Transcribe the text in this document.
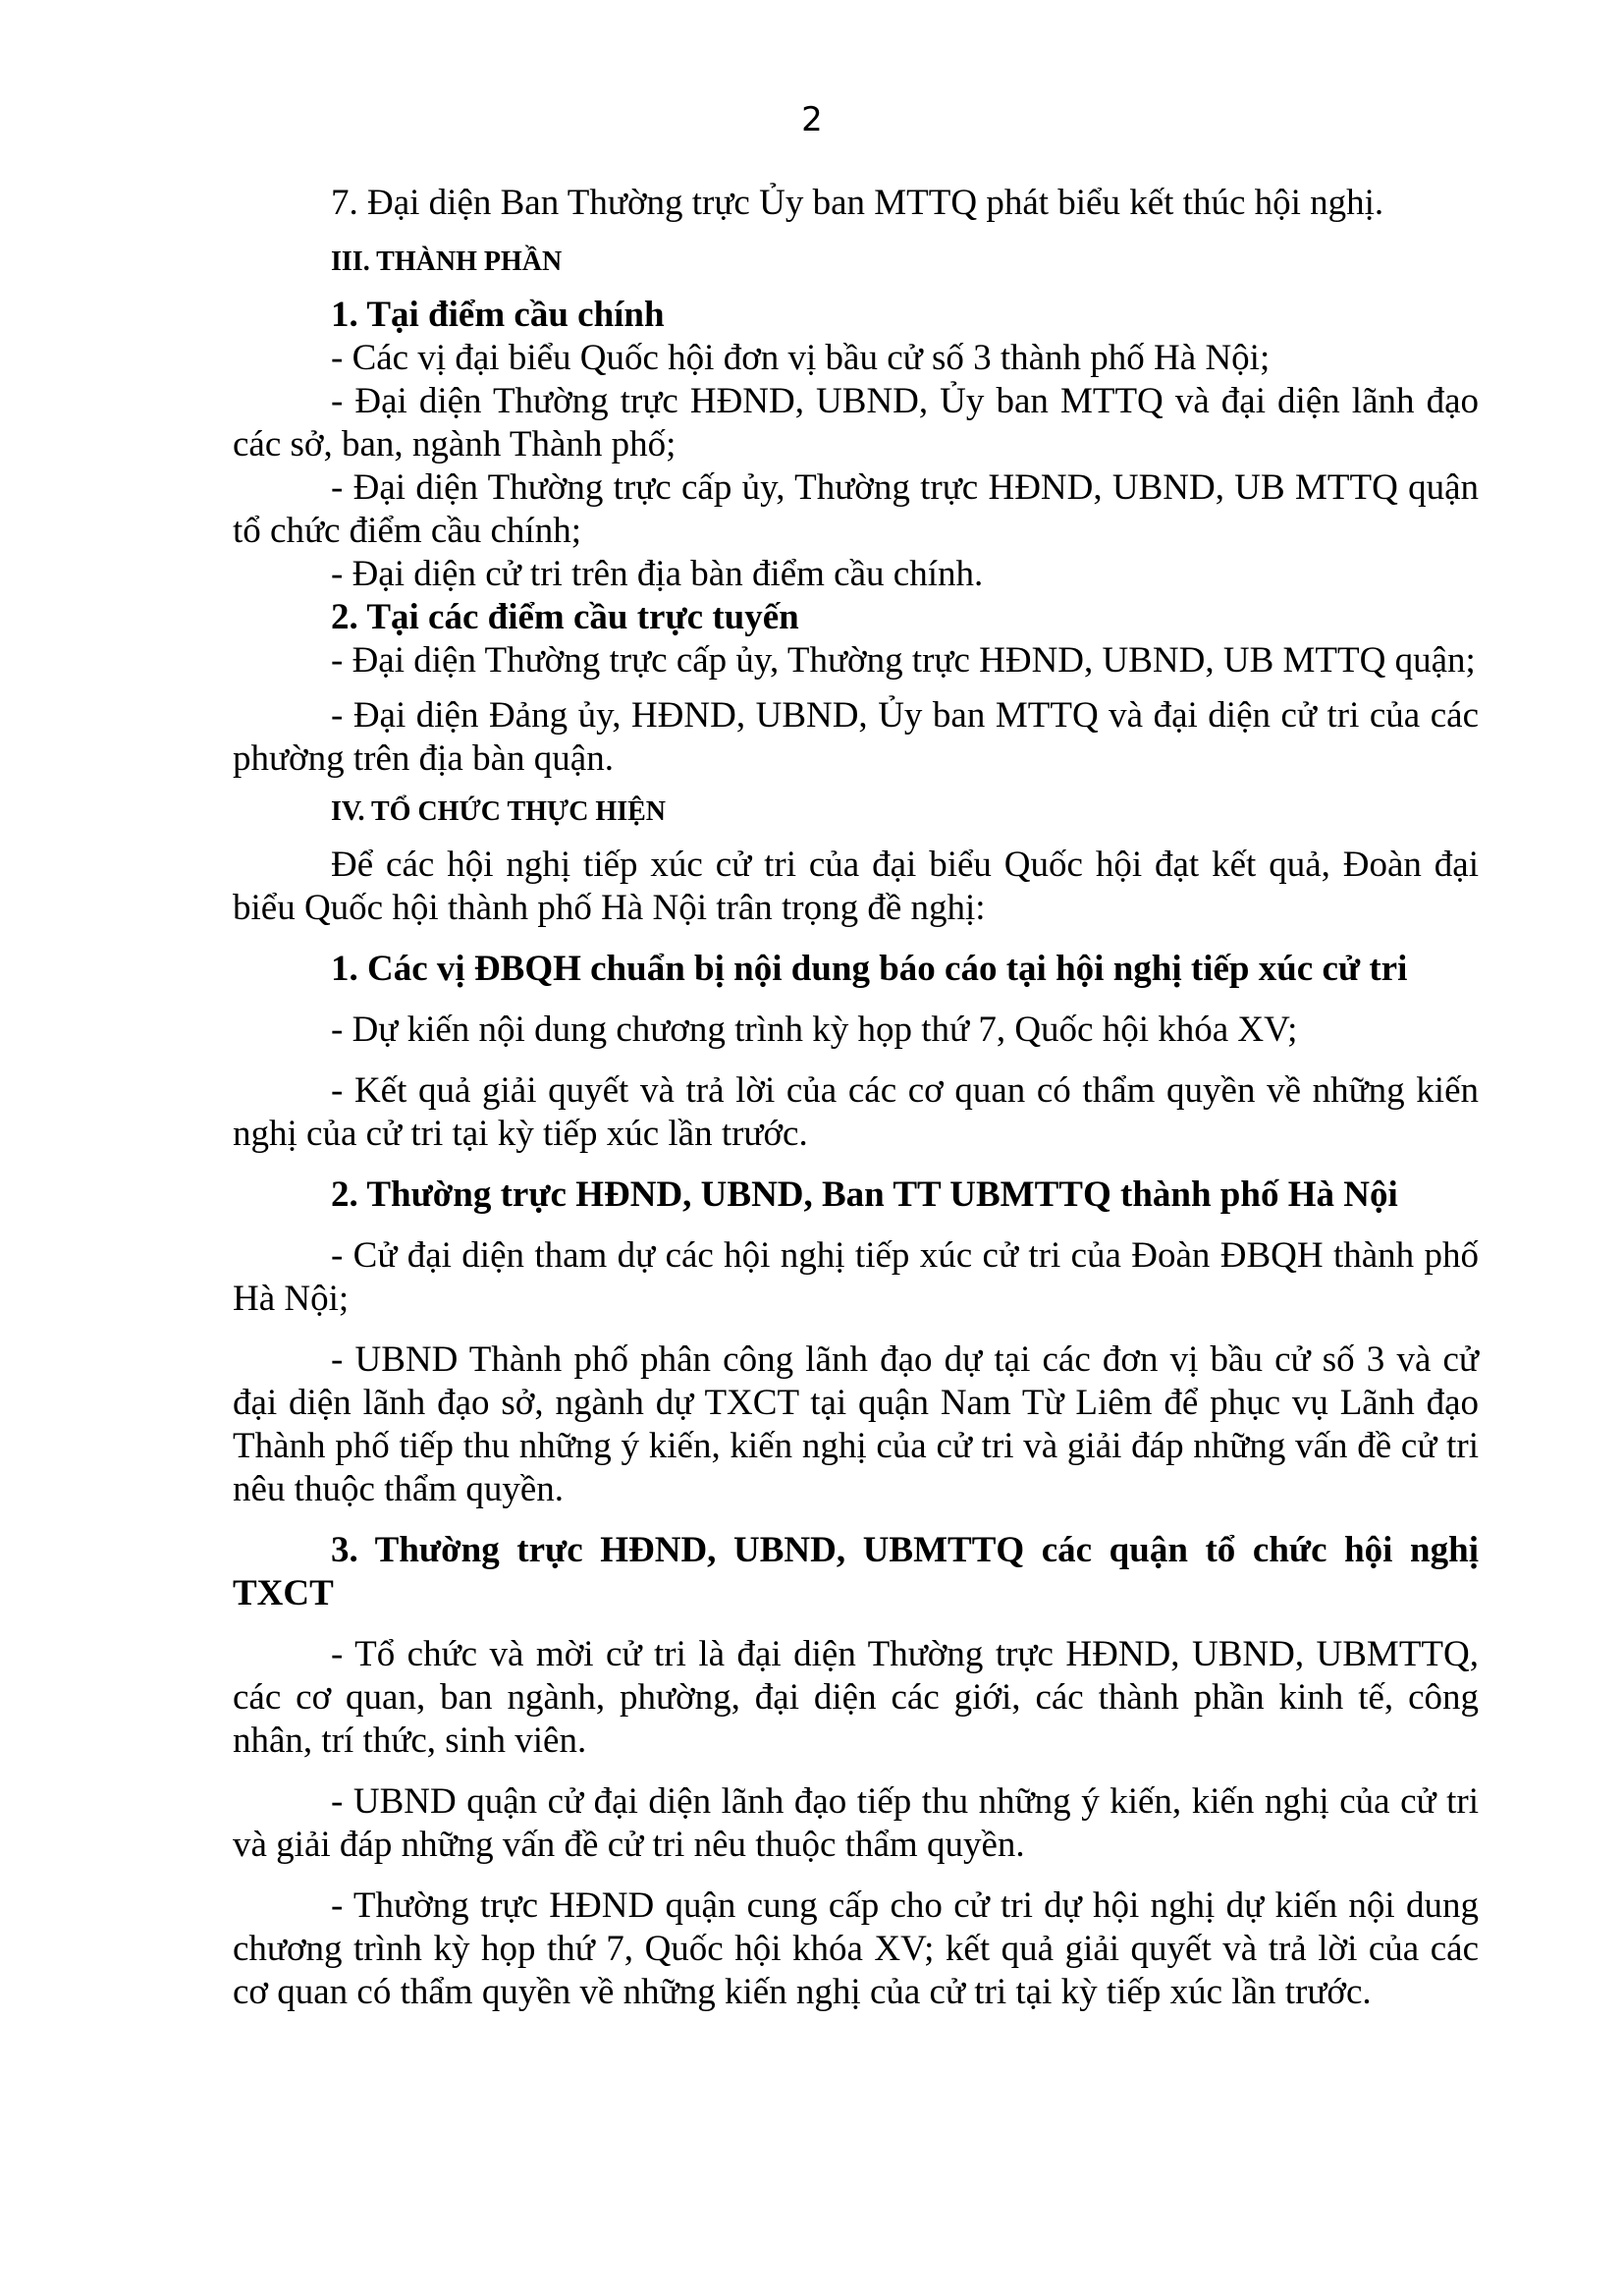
2

7. Đại diện Ban Thường trực Ủy ban MTTQ phát biểu kết thúc hội nghị.

III. THÀNH PHẦN

1. Tại điểm cầu chính

- Các vị đại biểu Quốc hội đơn vị bầu cử số 3 thành phố Hà Nội;

- Đại diện Thường trực HĐND, UBND, Ủy ban MTTQ và đại diện lãnh đạo các sở, ban, ngành Thành phố;

- Đại diện Thường trực cấp ủy, Thường trực HĐND, UBND, UB MTTQ quận tổ chức điểm cầu chính;

- Đại diện cử tri trên địa bàn điểm cầu chính.

2. Tại các điểm cầu trực tuyến

- Đại diện Thường trực cấp ủy, Thường trực HĐND, UBND, UB MTTQ quận;

- Đại diện Đảng ủy, HĐND, UBND, Ủy ban MTTQ và đại diện cử tri của các phường trên địa bàn quận.

IV. TỔ CHỨC THỰC HIỆN

Để các hội nghị tiếp xúc cử tri của đại biểu Quốc hội đạt kết quả, Đoàn đại biểu Quốc hội thành phố Hà Nội trân trọng đề nghị:

1. Các vị ĐBQH chuẩn bị nội dung báo cáo tại hội nghị tiếp xúc cử tri

- Dự kiến nội dung chương trình kỳ họp thứ 7, Quốc hội khóa XV;

- Kết quả giải quyết và trả lời của các cơ quan có thẩm quyền về những kiến nghị của cử tri tại kỳ tiếp xúc lần trước.

2. Thường trực HĐND, UBND, Ban TT UBMTTQ thành phố Hà Nội

- Cử đại diện tham dự các hội nghị tiếp xúc cử tri của Đoàn ĐBQH thành phố Hà Nội;

- UBND Thành phố phân công lãnh đạo dự tại các đơn vị bầu cử số 3 và cử đại diện lãnh đạo sở, ngành dự TXCT tại quận Nam Từ Liêm để phục vụ Lãnh đạo Thành phố tiếp thu những ý kiến, kiến nghị của cử tri và giải đáp những vấn đề cử tri nêu thuộc thẩm quyền.

3. Thường trực HĐND, UBND, UBMTTQ các quận tổ chức hội nghị TXCT

- Tổ chức và mời cử tri là đại diện Thường trực HĐND, UBND, UBMTTQ, các cơ quan, ban ngành, phường, đại diện các giới, các thành phần kinh tế, công nhân, trí thức, sinh viên.

- UBND quận cử đại diện lãnh đạo tiếp thu những ý kiến, kiến nghị của cử tri và giải đáp những vấn đề cử tri nêu thuộc thẩm quyền.

- Thường trực HĐND quận cung cấp cho cử tri dự hội nghị dự kiến nội dung chương trình kỳ họp thứ 7, Quốc hội khóa XV; kết quả giải quyết và trả lời của các cơ quan có thẩm quyền về những kiến nghị của cử tri tại kỳ tiếp xúc lần trước.
